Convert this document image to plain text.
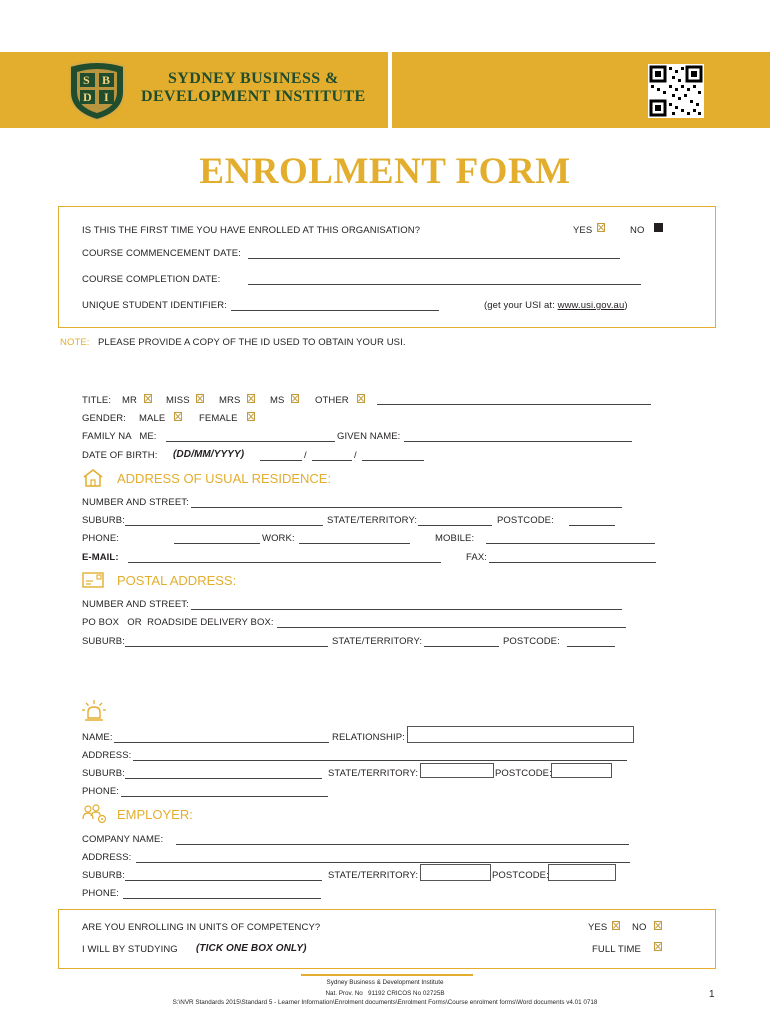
S B
D I
SYDNEY BUSINESS &
DEVELOPMENT INSTITUTE
ENROLMENT FORM
IS THIS THE FIRST TIME YOU HAVE ENROLLED AT THIS ORGANISATION?	YES	NO
COURSE COMMENCEMENT DATE:
COURSE COMPLETION DATE:
UNIQUE STUDENT IDENTIFIER:	(get your USI at: www.usi.gov.au)
NOTE: PLEASE PROVIDE A COPY OF THE ID USED TO OBTAIN YOUR USI.
TITLE: MR	MISS	MRS	MS	OTHER
GENDER: MALE	FEMALE
FAMILY NA   ME:	GIVEN NAME:
DATE OF BIRTH: (DD/MM/YYYY)	/	/
ADDRESS OF USUAL RESIDENCE:
NUMBER AND STREET:
SUBURB:	STATE/TERRITORY:	POSTCODE:
PHONE:	WORK:	MOBILE:
E-MAIL:	FAX:
POSTAL ADDRESS:
NUMBER AND STREET:
PO BOX   OR  ROADSIDE DELIVERY BOX:
SUBURB:	STATE/TERRITORY:	POSTCODE:
NAME:	RELATIONSHIP:
ADDRESS:
SUBURB:	STATE/TERRITORY:	POSTCODE:
PHONE:
EMPLOYER:
COMPANY NAME:
ADDRESS:
SUBURB:	STATE/TERRITORY:	POSTCODE:
PHONE:
ARE YOU ENROLLING IN UNITS OF COMPETENCY?	YES	NO
I WILL BY STUDYING (TICK ONE BOX ONLY)	FULL TIME
Sydney Business & Development Institute
Nat. Prov. No   91192 CRICOS No 02725B
S:\NVR Standards 2015\Standard 5 - Learner Information\Enrolment documents\Enrolment Forms\Course enrolment forms\Word documents v4.01 0718
1
